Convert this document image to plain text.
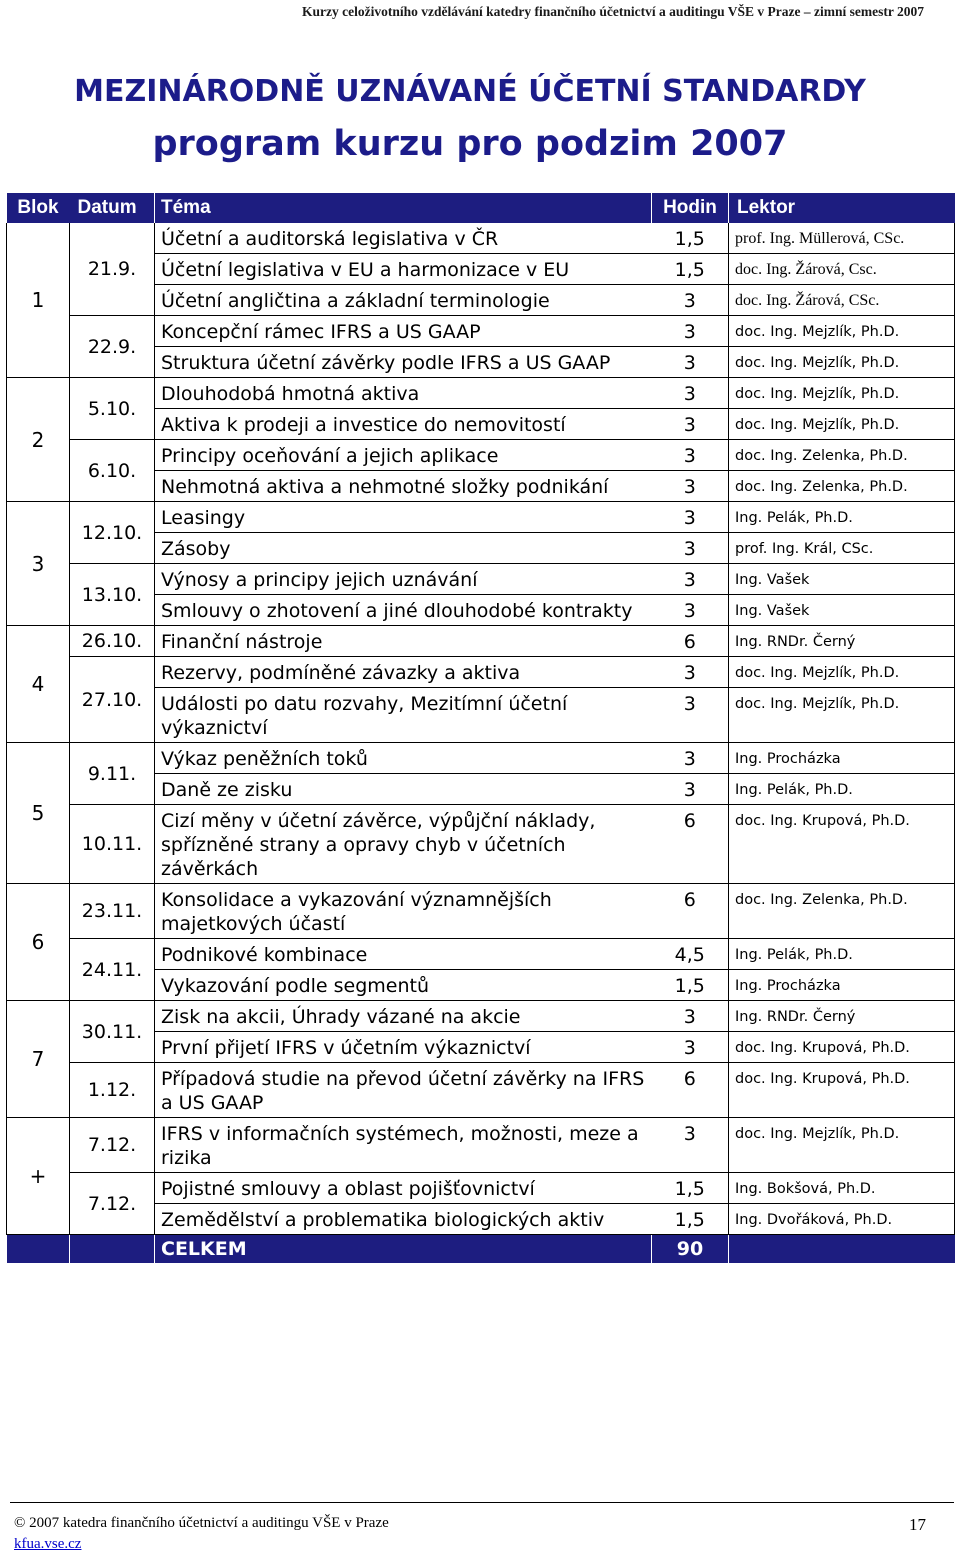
Kurzy celoživotního vzdělávání katedry finančního účetnictví a auditingu VŠE v Praze – zimní semestr 2007
MEZINÁRODNĚ UZNÁVANÉ ÚČETNÍ STANDARDY
program kurzu pro podzim 2007
Blok	Datum	Téma	Hodin	Lektor
1	21.9.	Účetní a auditorská legislativa v ČR	1,5	prof. Ing. Müllerová, CSc.
		Účetní legislativa v EU a harmonizace v EU	1,5	doc. Ing. Žárová, Csc.
		Účetní angličtina a základní terminologie	3	doc. Ing. Žárová, CSc.
	22.9.	Koncepční rámec IFRS a US GAAP	3	doc. Ing. Mejzlík, Ph.D.
		Struktura účetní závěrky podle IFRS a US GAAP	3	doc. Ing. Mejzlík, Ph.D.
2	5.10.	Dlouhodobá hmotná aktiva	3	doc. Ing. Mejzlík, Ph.D.
		Aktiva k prodeji a investice do nemovitostí	3	doc. Ing. Mejzlík, Ph.D.
	6.10.	Principy oceňování a jejich aplikace	3	doc. Ing. Zelenka, Ph.D.
		Nehmotná aktiva a nehmotné složky podnikání	3	doc. Ing. Zelenka, Ph.D.
3	12.10.	Leasingy	3	Ing. Pelák, Ph.D.
		Zásoby	3	prof. Ing. Král, CSc.
	13.10.	Výnosy a principy jejich uznávání	3	Ing. Vašek
		Smlouvy o zhotovení a jiné dlouhodobé kontrakty	3	Ing. Vašek
4	26.10.	Finanční nástroje	6	Ing. RNDr. Černý
	27.10.	Rezervy, podmíněné závazky a aktiva	3	doc. Ing. Mejzlík, Ph.D.
		Události po datu rozvahy, Mezitímní účetní výkaznictví	3	doc. Ing. Mejzlík, Ph.D.
5	9.11.	Výkaz peněžních toků	3	Ing. Procházka
		Daně ze zisku	3	Ing. Pelák, Ph.D.
	10.11.	Cizí měny v účetní závěrce, výpůjční náklady, spřízněné strany a opravy chyb v účetních závěrkách	6	doc. Ing. Krupová, Ph.D.
6	23.11.	Konsolidace a vykazování významnějších majetkových účastí	6	doc. Ing. Zelenka, Ph.D.
	24.11.	Podnikové kombinace	4,5	Ing. Pelák, Ph.D.
		Vykazování podle segmentů	1,5	Ing. Procházka
7	30.11.	Zisk na akcii, Úhrady vázané na akcie	3	Ing. RNDr. Černý
		První přijetí IFRS v účetním výkaznictví	3	doc. Ing. Krupová, Ph.D.
	1.12.	Případová studie na převod účetní závěrky na IFRS a US GAAP	6	doc. Ing. Krupová, Ph.D.
+	7.12.	IFRS v informačních systémech, možnosti, meze a rizika	3	doc. Ing. Mejzlík, Ph.D.
	7.12.	Pojistné smlouvy a oblast pojišťovnictví	1,5	Ing. Bokšová, Ph.D.
		Zemědělství a problematika biologických aktiv	1,5	Ing. Dvořáková, Ph.D.
		CELKEM	90	
© 2007 katedra finančního účetnictví a auditingu VŠE v Praze
kfua.vse.cz
17
